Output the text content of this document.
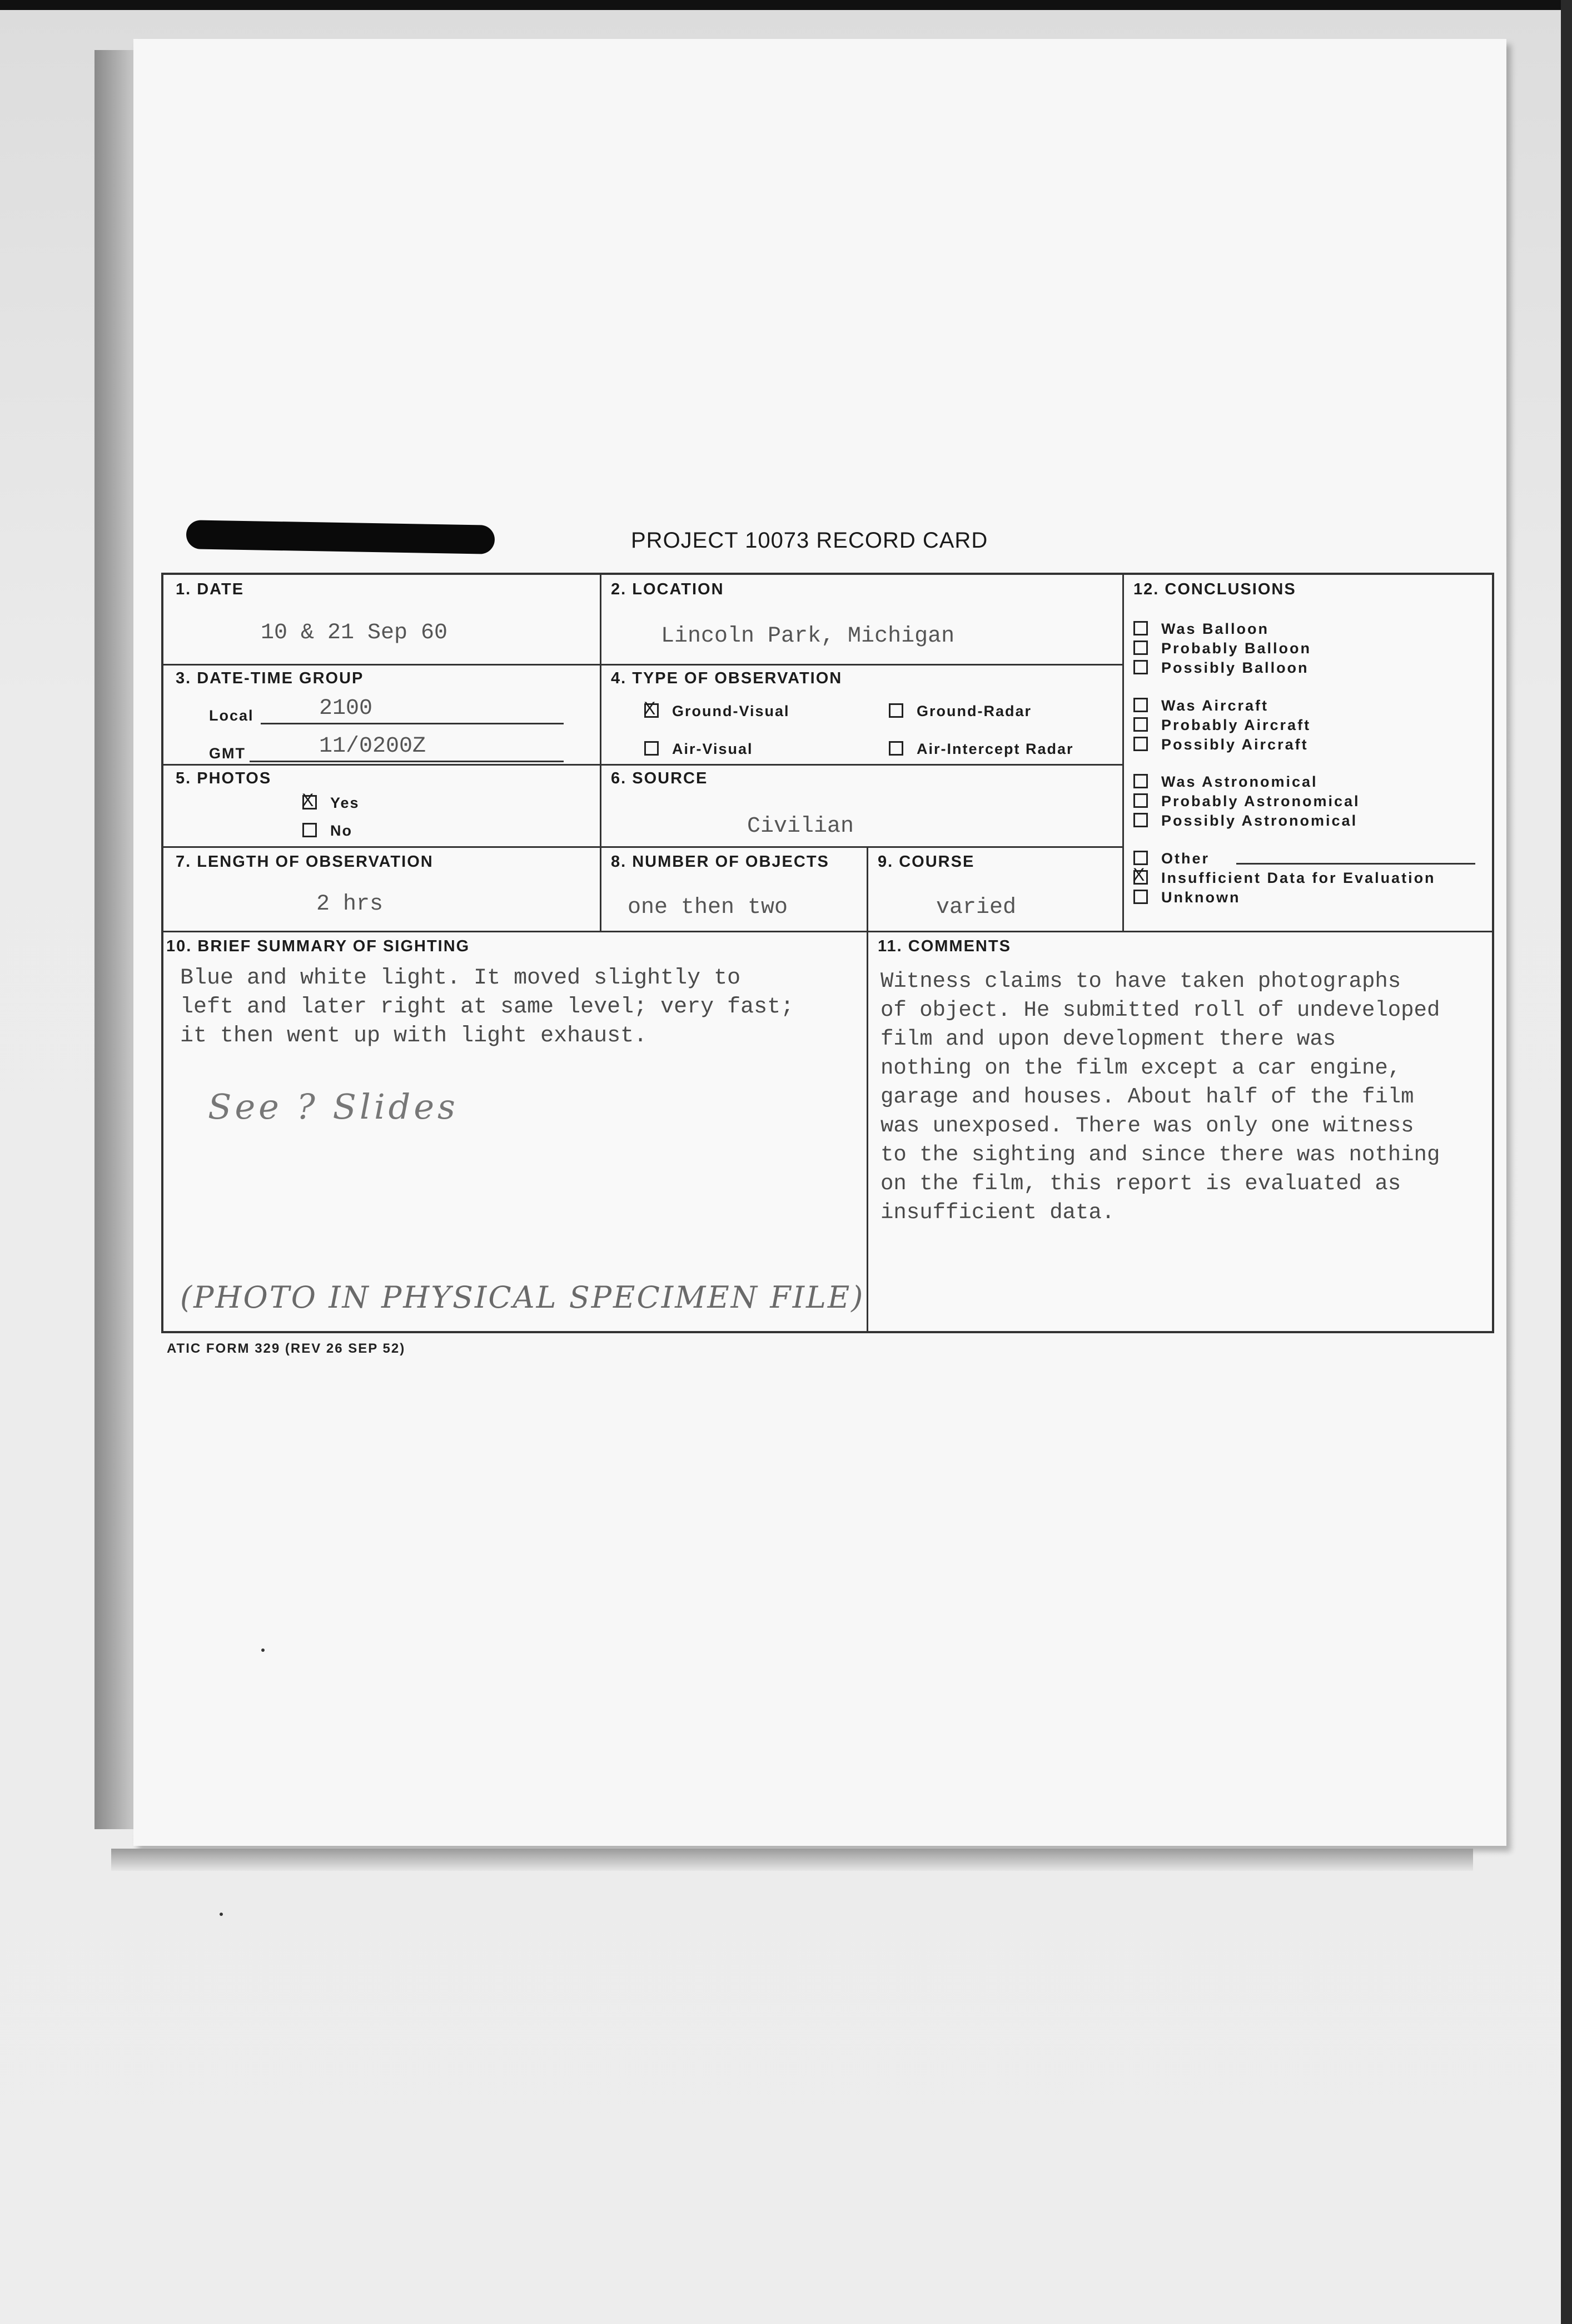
PROJECT 10073 RECORD CARD
1. DATE
10 & 21 Sep 60
2. LOCATION
Lincoln Park, Michigan
3. DATE-TIME GROUP
Local	2100
GMT	11/0200Z
4. TYPE OF OBSERVATION
XGround-Visual	Ground-Radar
Air-Visual	Air-Intercept Radar
5. PHOTOS
XYes
No
6. SOURCE
Civilian
7. LENGTH OF OBSERVATION
2 hrs
8. NUMBER OF OBJECTS
one then two
9. COURSE
varied
12. CONCLUSIONS
Was Balloon
Probably Balloon
Possibly Balloon
Was Aircraft
Probably Aircraft
Possibly Aircraft
Was Astronomical
Probably Astronomical
Possibly Astronomical
Other
XInsufficient Data for Evaluation
Unknown
10. BRIEF SUMMARY OF SIGHTING
Blue and white light. It moved slightly to
left and later right at same level; very fast;
it then went up with light exhaust.
See ? Slides
(PHOTO IN PHYSICAL SPECIMEN FILE)
11. COMMENTS
Witness claims to have taken photographs
of object. He submitted roll of undeveloped
film and upon development there was
nothing on the film except a car engine,
garage and houses. About half of the film
was unexposed. There was only one witness
to the sighting and since there was nothing
on the film, this report is evaluated as
insufficient data.
ATIC FORM 329 (REV 26 SEP 52)
